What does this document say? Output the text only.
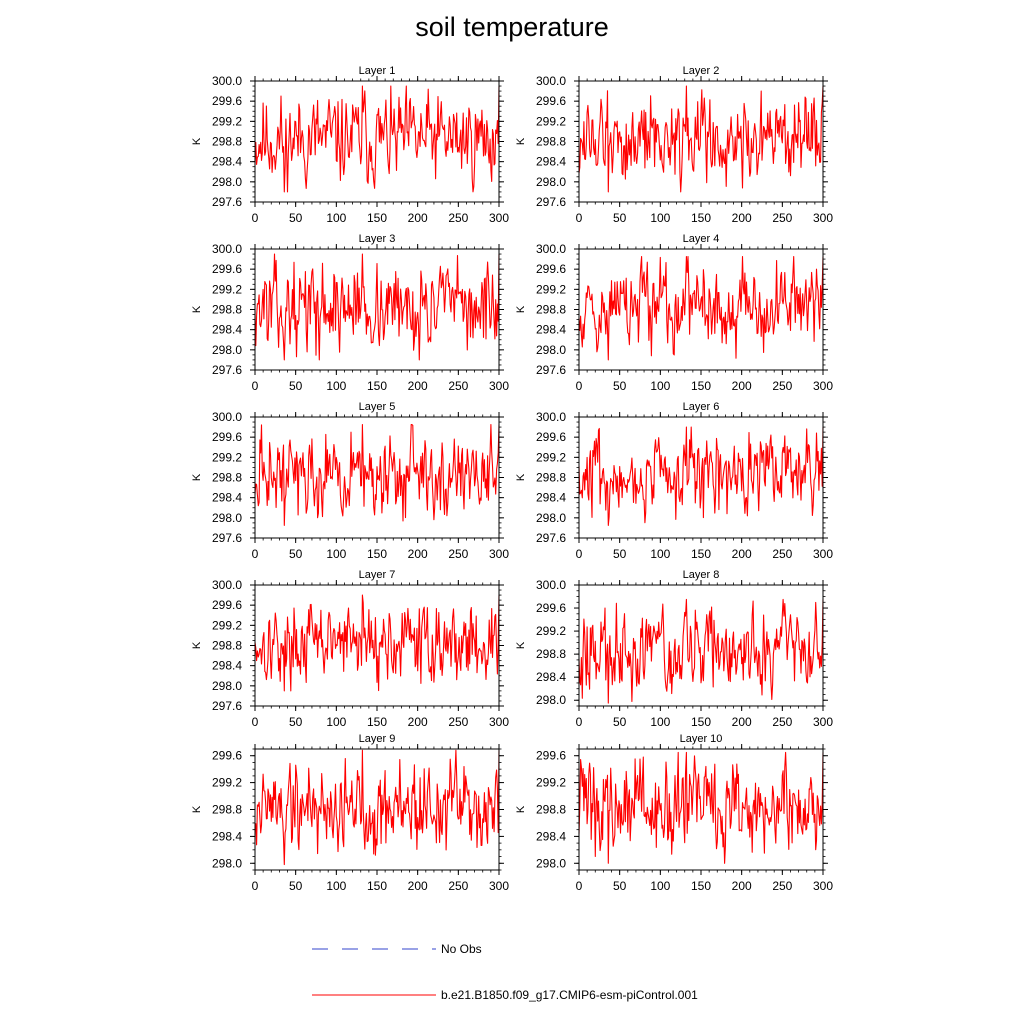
soil temperature
Layer 1
K
0	50 100 150 200 250 300
297.6
298.0
298.4
298.8
299.2
299.6
300.0
Layer 2
K
0	50 100 150 200 250 300
297.6
298.0
298.4
298.8
299.2
299.6
300.0
Layer 3
K
0	50 100 150 200 250 300
297.6
298.0
298.4
298.8
299.2
299.6
300.0
Layer 4
K
0	50 100 150 200 250 300
297.6
298.0
298.4
298.8
299.2
299.6
300.0
Layer 5
K
0	50 100 150 200 250 300
297.6
298.0
298.4
298.8
299.2
299.6
300.0
Layer 6
K
0	50 100 150 200 250 300
297.6
298.0
298.4
298.8
299.2
299.6
300.0
Layer 7
K
0	50 100 150 200 250 300
297.6
298.0
298.4
298.8
299.2
299.6
300.0
Layer 8
K
0	50 100 150 200 250 300
298.0
298.4
298.8
299.2
299.6
300.0
Layer 9
K
0	50 100 150 200 250 300
298.0
298.4
298.8
299.2
299.6
Layer 10
K
0	50 100 150 200 250 300
298.0
298.4
298.8
299.2
299.6
No Obs
b.e21.B1850.f09_g17.CMIP6-esm-piControl.001
